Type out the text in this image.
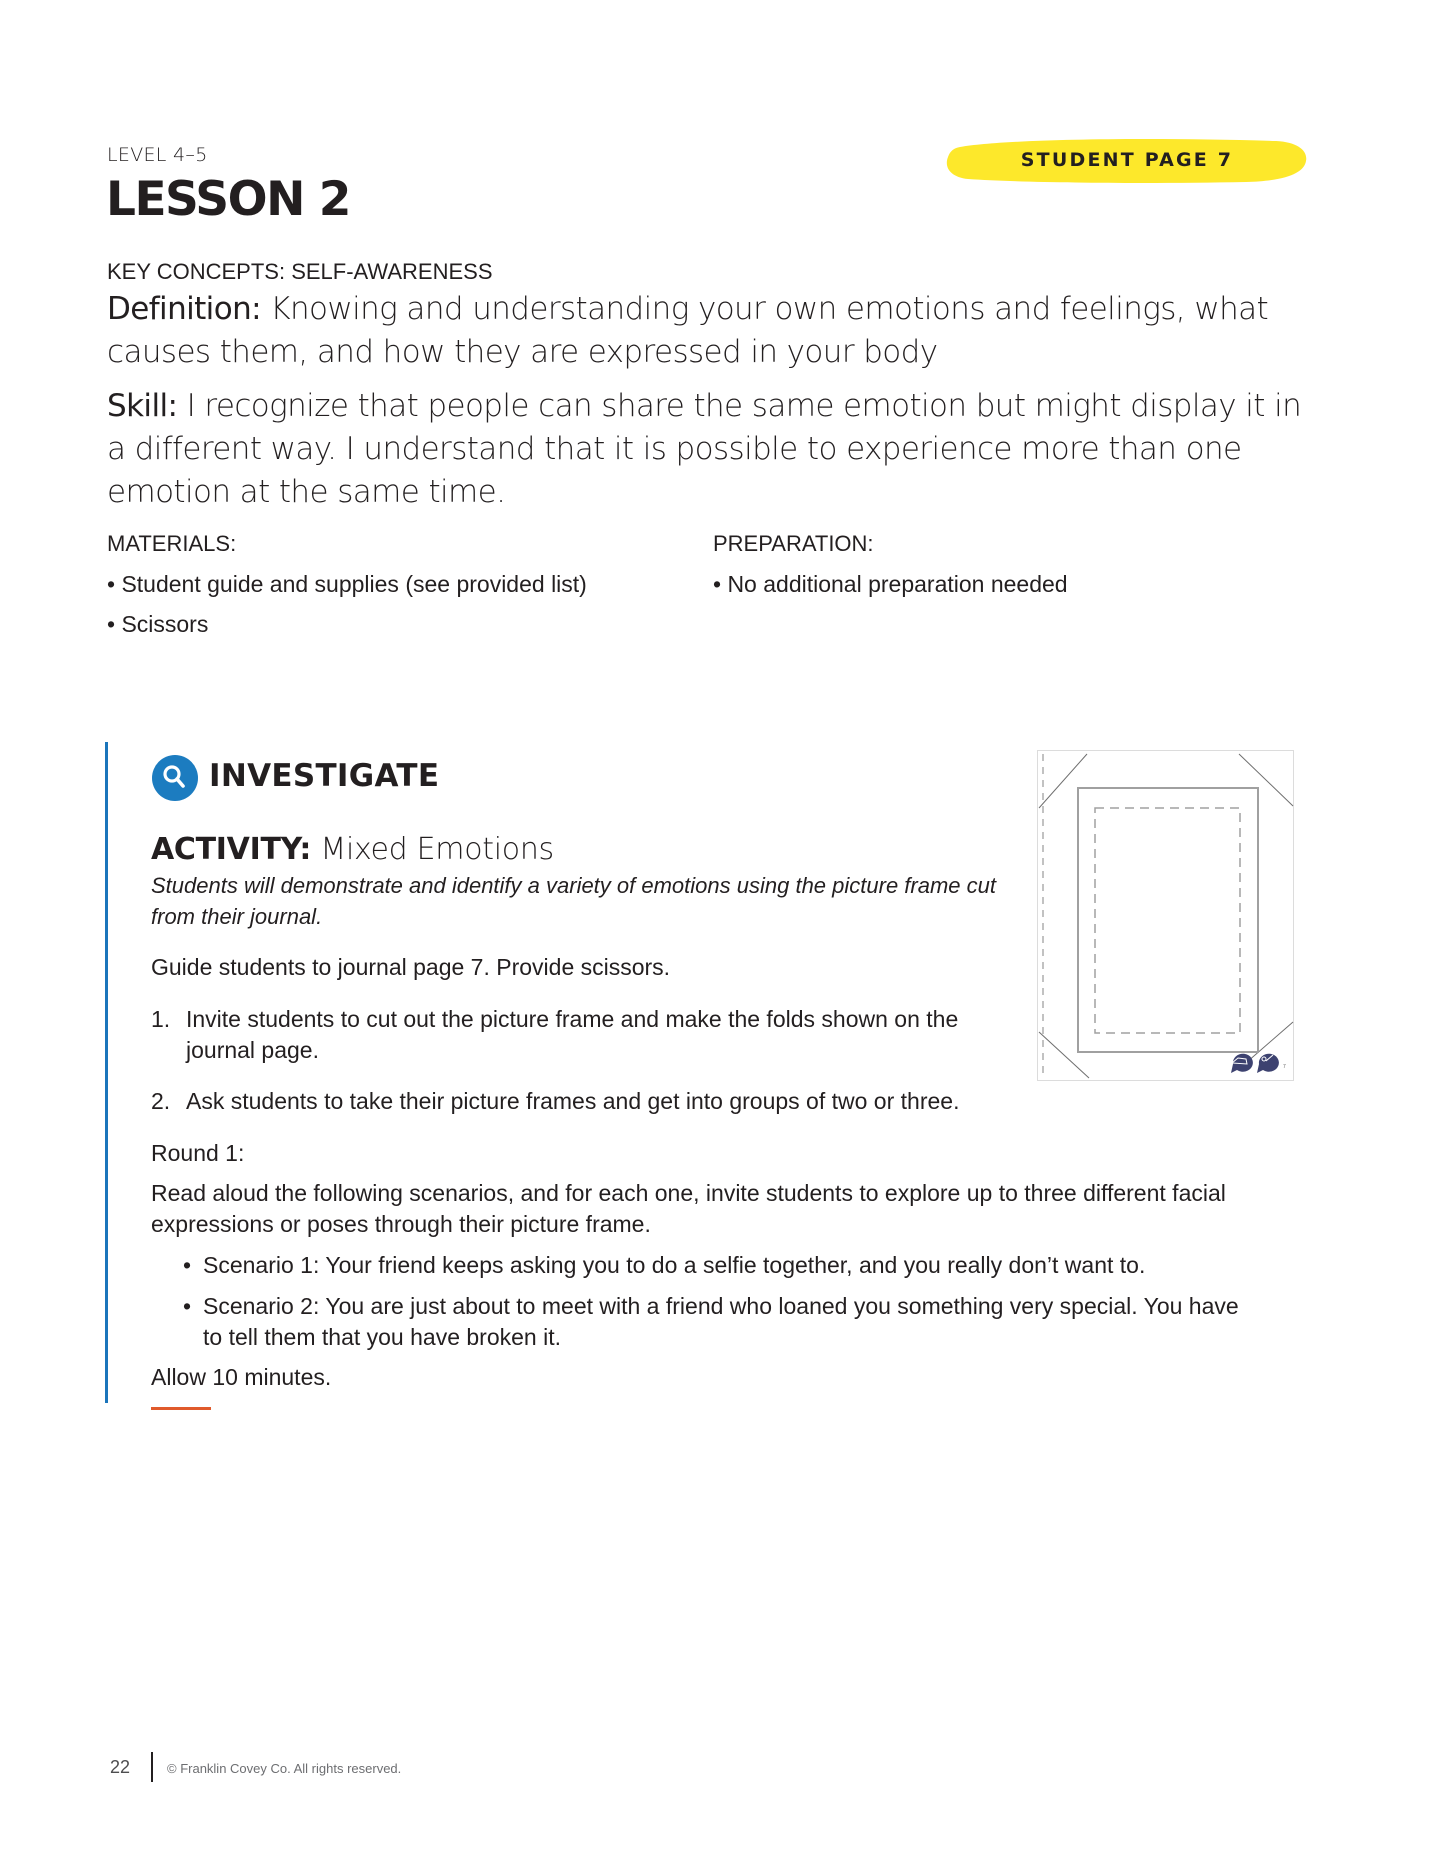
LEVEL 4–5
LESSON 2
STUDENT PAGE 7
KEY CONCEPTS: SELF-AWARENESS
Definition: Knowing and understanding your own emotions and feelings, what causes them, and how they are expressed in your body
Skill: I recognize that people can share the same emotion but might display it in a different way. I understand that it is possible to experience more than one emotion at the same time.
MATERIALS:
• Student guide and supplies (see provided list)
• Scissors
PREPARATION:
• No additional preparation needed
INVESTIGATE
ACTIVITY: Mixed Emotions
Students will demonstrate and identify a variety of emotions using the picture frame cut from their journal.
Guide students to journal page 7. Provide scissors.
1. Invite students to cut out the picture frame and make the folds shown on the journal page.
2. Ask students to take their picture frames and get into groups of two or three.
Round 1:
Read aloud the following scenarios, and for each one, invite students to explore up to three different facial expressions or poses through their picture frame.
• Scenario 1: Your friend keeps asking you to do a selfie together, and you really don’t want to.
• Scenario 2: You are just about to meet with a friend who loaned you something very special. You have to tell them that you have broken it.
Allow 10 minutes.
7
22	© Franklin Covey Co. All rights reserved.
